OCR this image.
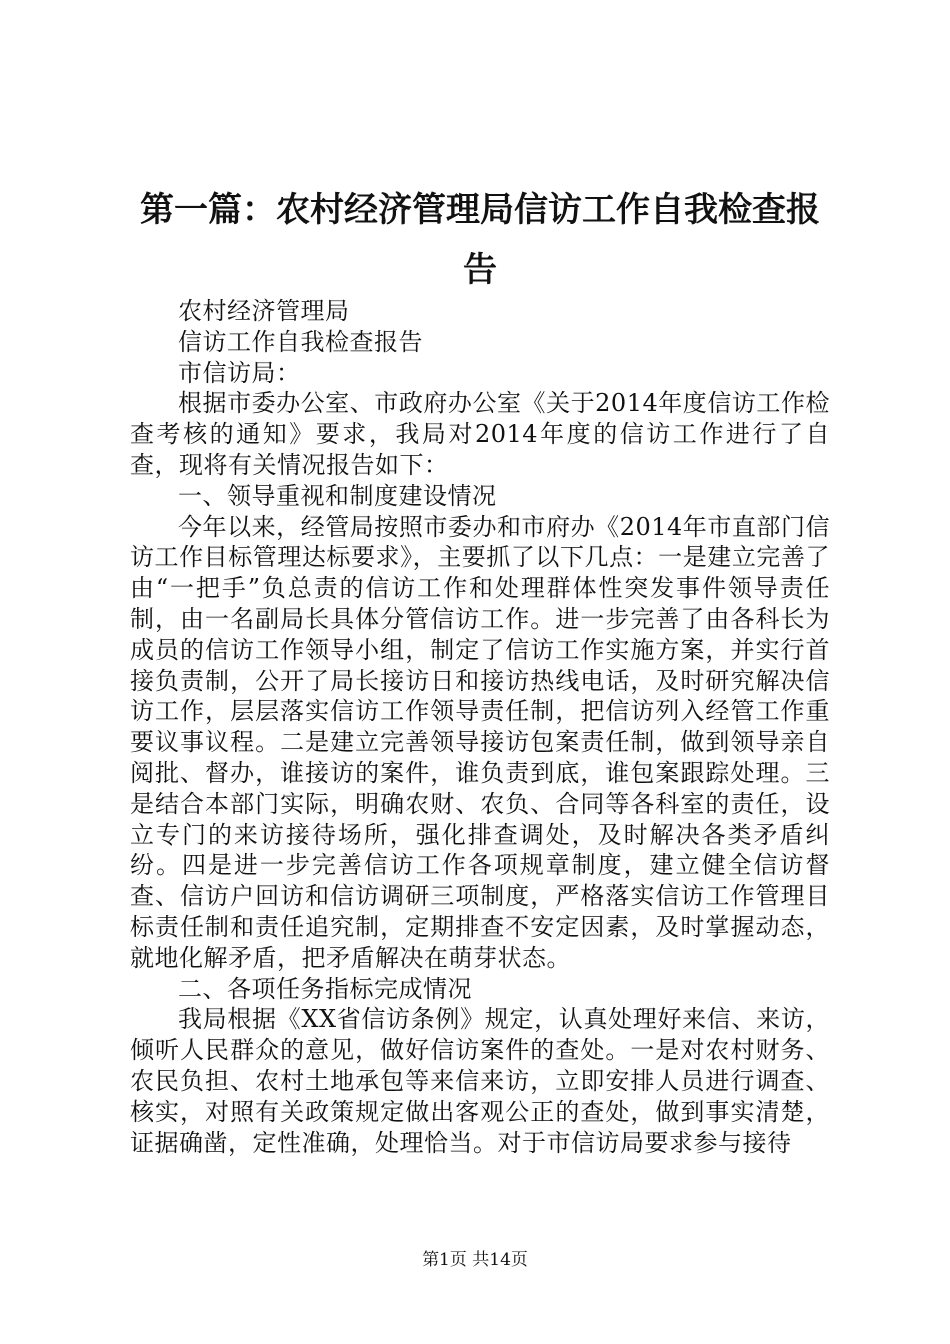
第一篇：农村经济管理局信访工作自我检查报告

农村经济管理局

信访工作自我检查报告

市信访局：

根据市委办公室、市政府办公室《关于2014年度信访工作检查考核的通知》要求，我局对2014年度的信访工作进行了自查，现将有关情况报告如下：

一、领导重视和制度建设情况

今年以来，经管局按照市委办和市府办《2014年市直部门信访工作目标管理达标要求》，主要抓了以下几点：一是建立完善了由“一把手”负总责的信访工作和处理群体性突发事件领导责任制，由一名副局长具体分管信访工作。进一步完善了由各科长为成员的信访工作领导小组，制定了信访工作实施方案，并实行首接负责制，公开了局长接访日和接访热线电话，及时研究解决信访工作，层层落实信访工作领导责任制，把信访列入经管工作重要议事议程。二是建立完善领导接访包案责任制，做到领导亲自阅批、督办，谁接访的案件，谁负责到底，谁包案跟踪处理。三是结合本部门实际，明确农财、农负、合同等各科室的责任，设立专门的来访接待场所，强化排查调处，及时解决各类矛盾纠纷。四是进一步完善信访工作各项规章制度，建立健全信访督查、信访户回访和信访调研三项制度，严格落实信访工作管理目标责任制和责任追究制，定期排查不安定因素，及时掌握动态，就地化解矛盾，把矛盾解决在萌芽状态。

二、各项任务指标完成情况

我局根据《XX省信访条例》规定，认真处理好来信、来访，倾听人民群众的意见，做好信访案件的查处。一是对农村财务、农民负担、农村土地承包等来信来访，立即安排人员进行调查、核实，对照有关政策规定做出客观公正的查处，做到事实清楚，证据确凿，定性准确，处理恰当。对于市信访局要求参与接待

第1页 共14页
